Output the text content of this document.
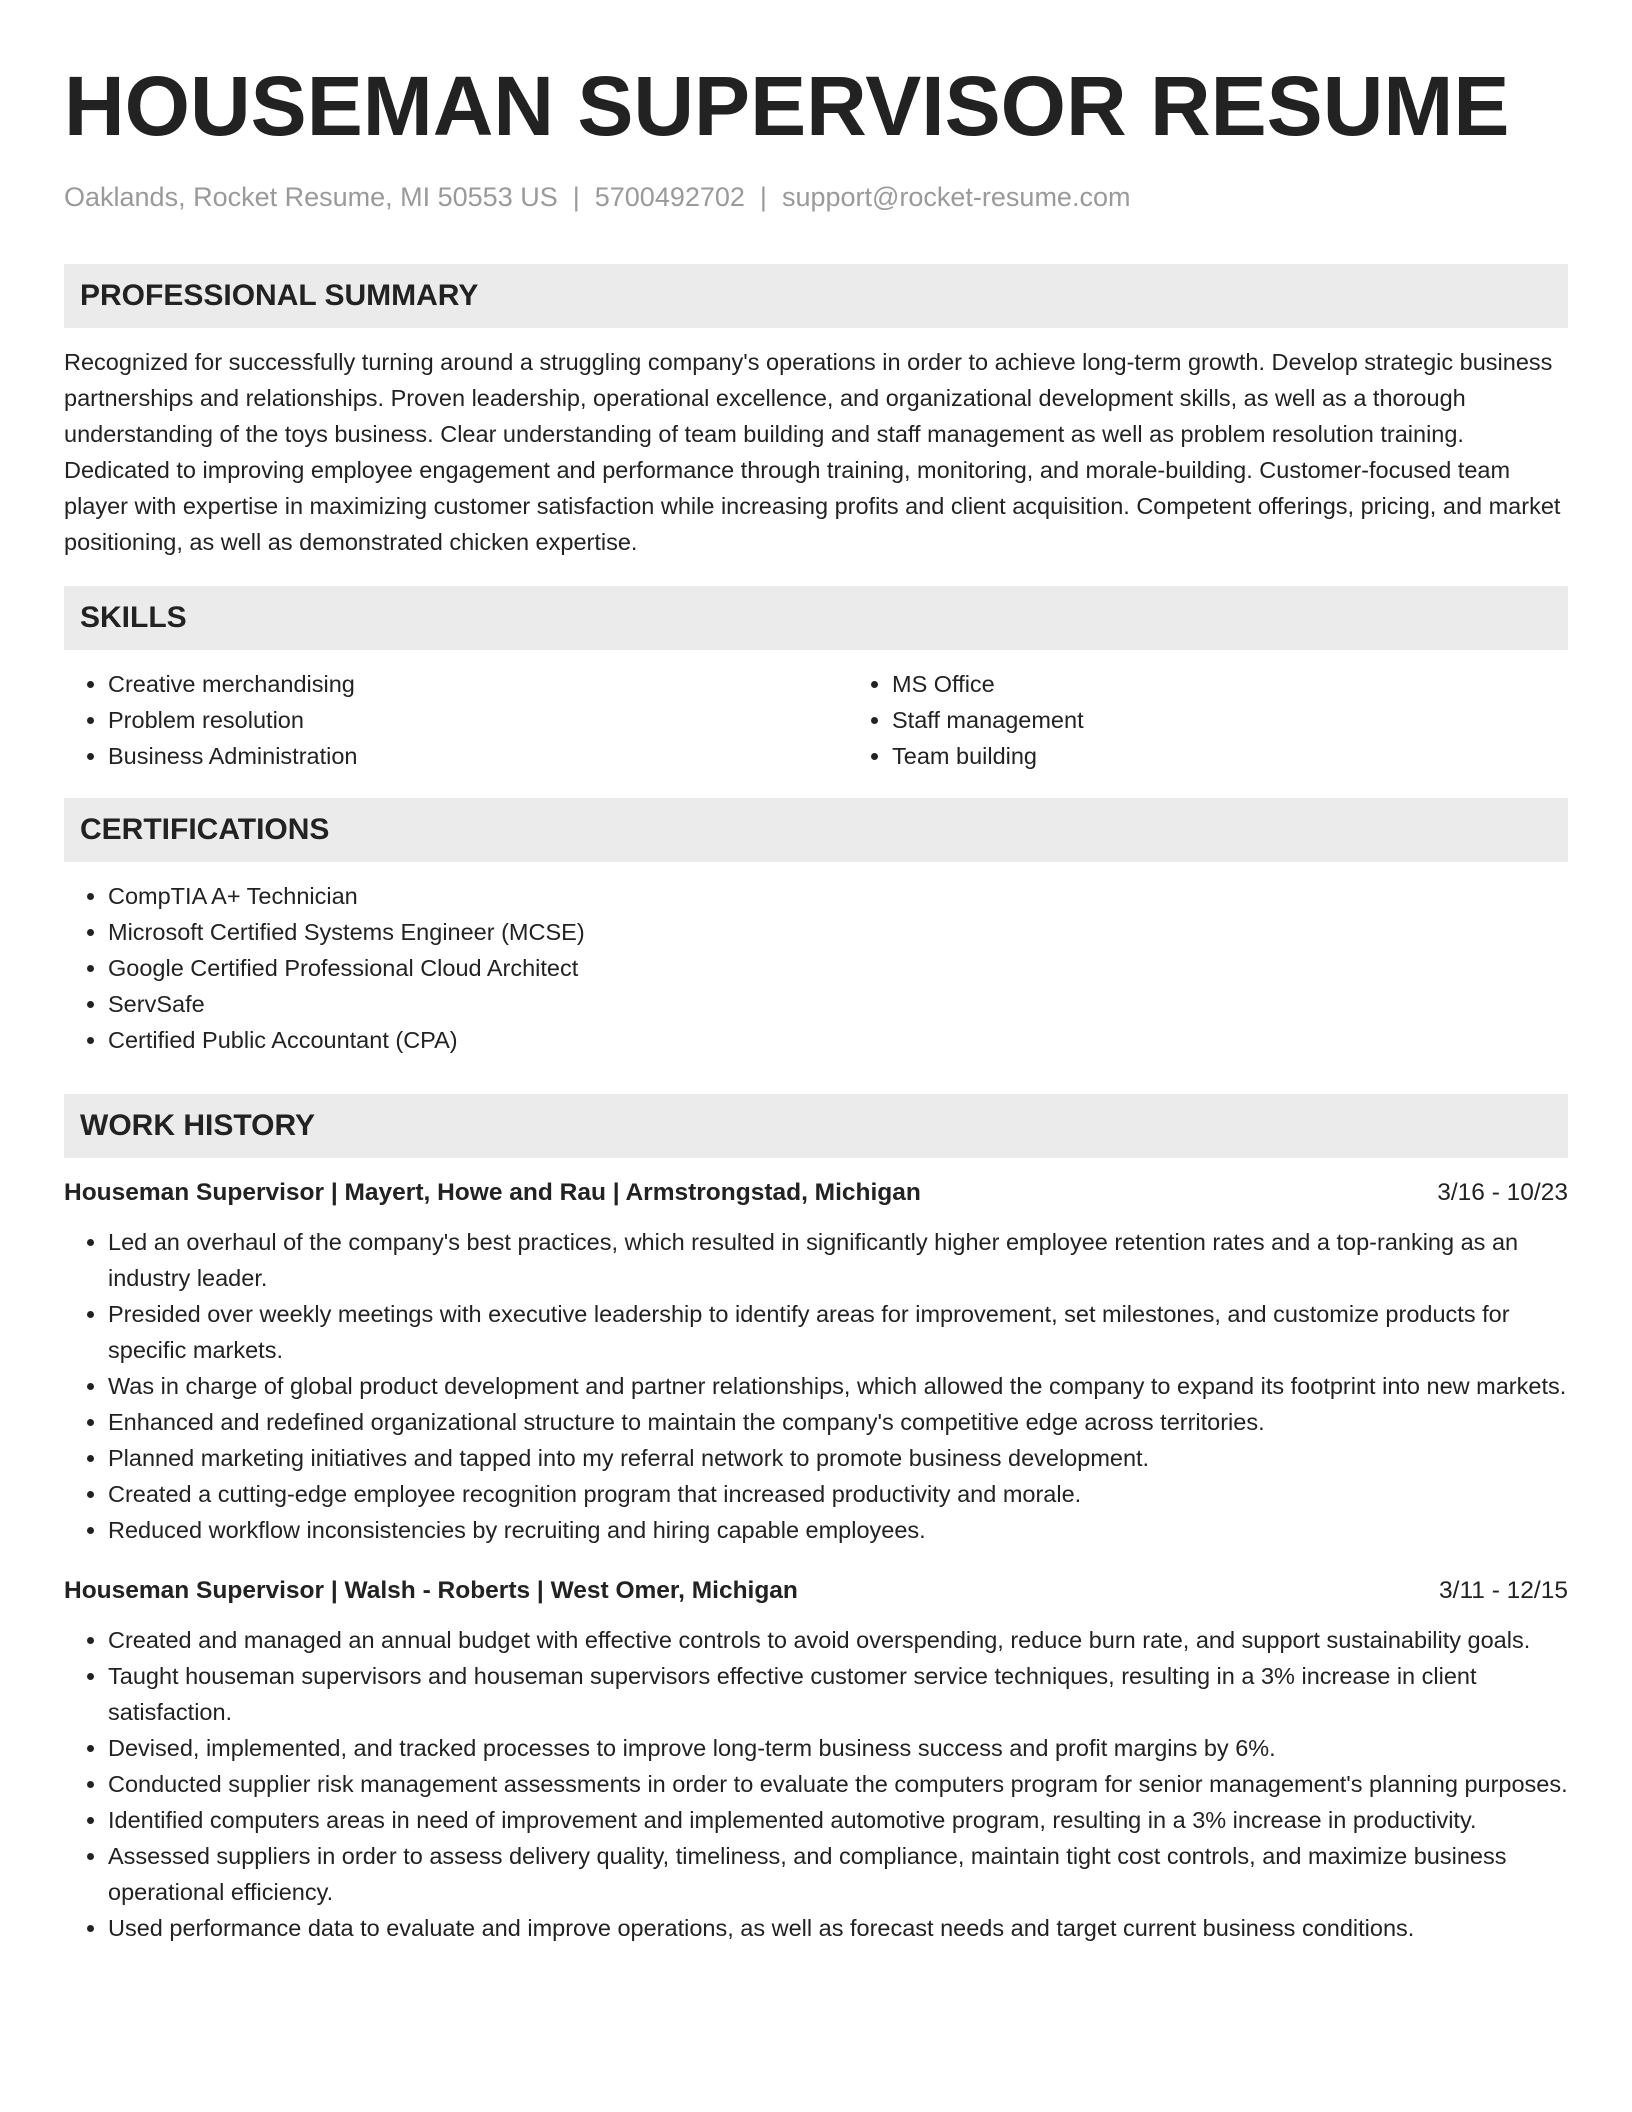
HOUSEMAN SUPERVISOR RESUME
Oaklands, Rocket Resume, MI 50553 US | 5700492702 | support@rocket-resume.com
PROFESSIONAL SUMMARY

Recognized for successfully turning around a struggling company's operations in order to achieve long-term growth. Develop strategic business partnerships and relationships. Proven leadership, operational excellence, and organizational development skills, as well as a thorough understanding of the toys business. Clear understanding of team building and staff management as well as problem resolution training. Dedicated to improving employee engagement and performance through training, monitoring, and morale-building. Customer-focused team player with expertise in maximizing customer satisfaction while increasing profits and client acquisition. Competent offerings, pricing, and market positioning, as well as demonstrated chicken expertise.

SKILLS
• Creative merchandising
• Problem resolution
• Business Administration
• MS Office
• Staff management
• Team building
CERTIFICATIONS
• CompTIA A+ Technician
• Microsoft Certified Systems Engineer (MCSE)
• Google Certified Professional Cloud Architect
• ServSafe
• Certified Public Accountant (CPA)
WORK HISTORY
Houseman Supervisor | Mayert, Howe and Rau | Armstrongstad, Michigan	3/16 - 10/23
• Led an overhaul of the company's best practices, which resulted in significantly higher employee retention rates and a top-ranking as an industry leader.
• Presided over weekly meetings with executive leadership to identify areas for improvement, set milestones, and customize products for specific markets.
• Was in charge of global product development and partner relationships, which allowed the company to expand its footprint into new markets.
• Enhanced and redefined organizational structure to maintain the company's competitive edge across territories.
• Planned marketing initiatives and tapped into my referral network to promote business development.
• Created a cutting-edge employee recognition program that increased productivity and morale.
• Reduced workflow inconsistencies by recruiting and hiring capable employees.
Houseman Supervisor | Walsh - Roberts | West Omer, Michigan	3/11 - 12/15
• Created and managed an annual budget with effective controls to avoid overspending, reduce burn rate, and support sustainability goals.
• Taught houseman supervisors and houseman supervisors effective customer service techniques, resulting in a 3% increase in client satisfaction.
• Devised, implemented, and tracked processes to improve long-term business success and profit margins by 6%.
• Conducted supplier risk management assessments in order to evaluate the computers program for senior management's planning purposes.
• Identified computers areas in need of improvement and implemented automotive program, resulting in a 3% increase in productivity.
• Assessed suppliers in order to assess delivery quality, timeliness, and compliance, maintain tight cost controls, and maximize business operational efficiency.
• Used performance data to evaluate and improve operations, as well as forecast needs and target current business conditions.
